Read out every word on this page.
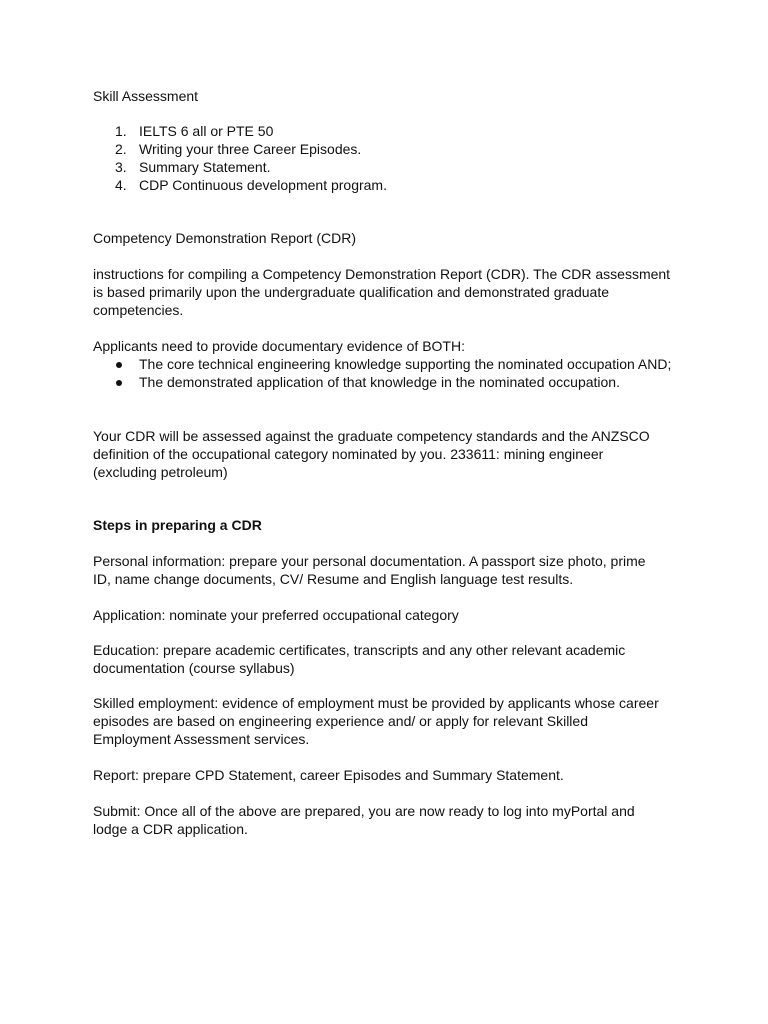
Skill Assessment

1. IELTS 6 all or PTE 50
2. Writing your three Career Episodes.
3. Summary Statement.
4. CDP Continuous development program.

Competency Demonstration Report (CDR)

instructions for compiling a Competency Demonstration Report (CDR). The CDR assessment is based primarily upon the undergraduate qualification and demonstrated graduate competencies.

Applicants need to provide documentary evidence of BOTH:

The core technical engineering knowledge supporting the nominated occupation AND;
The demonstrated application of that knowledge in the nominated occupation.

Your CDR will be assessed against the graduate competency standards and the ANZSCO definition of the occupational category nominated by you. 233611: mining engineer (excluding petroleum)

Steps in preparing a CDR

Personal information: prepare your personal documentation. A passport size photo, prime ID, name change documents, CV/ Resume and English language test results.

Application: nominate your preferred occupational category

Education: prepare academic certificates, transcripts and any other relevant academic documentation (course syllabus)

Skilled employment: evidence of employment must be provided by applicants whose career episodes are based on engineering experience and/ or apply for relevant Skilled Employment Assessment services.

Report: prepare CPD Statement, career Episodes and Summary Statement.

Submit: Once all of the above are prepared, you are now ready to log into myPortal and lodge a CDR application.
